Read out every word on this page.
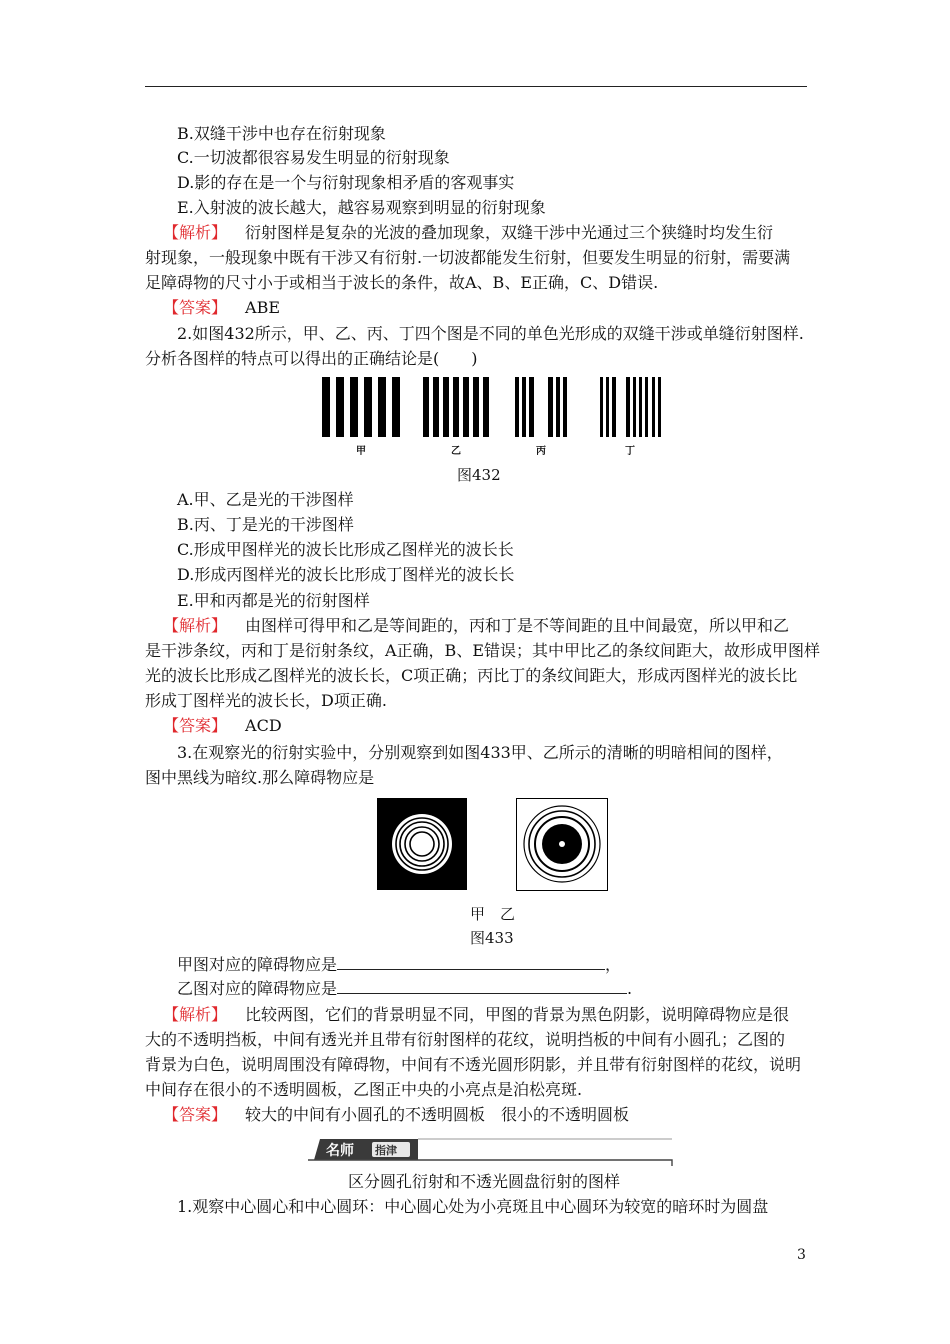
B.双缝干涉中也存在衍射现象
C.一切波都很容易发生明显的衍射现象
D.影的存在是一个与衍射现象相矛盾的客观事实
E.入射波的波长越大，越容易观察到明显的衍射现象
【解析】 衍射图样是复杂的光波的叠加现象，双缝干涉中光通过三个狭缝时均发生衍
射现象，一般现象中既有干涉又有衍射.一切波都能发生衍射，但要发生明显的衍射，需要满
足障碍物的尺寸小于或相当于波长的条件，故A、B、E正确，C、D错误.
【答案】 ABE
2.如图432所示，甲、乙、丙、丁四个图是不同的单色光形成的双缝干涉或单缝衍射图样.
分析各图样的特点可以得出的正确结论是(　　)
甲	乙	丙	丁
图432
A.甲、乙是光的干涉图样
B.丙、丁是光的干涉图样
C.形成甲图样光的波长比形成乙图样光的波长长
D.形成丙图样光的波长比形成丁图样光的波长长
E.甲和丙都是光的衍射图样
【解析】 由图样可得甲和乙是等间距的，丙和丁是不等间距的且中间最宽，所以甲和乙
是干涉条纹，丙和丁是衍射条纹，A正确，B、E错误；其中甲比乙的条纹间距大，故形成甲图样
光的波长比形成乙图样光的波长长，C项正确；丙比丁的条纹间距大，形成丙图样光的波长比
形成丁图样光的波长长，D项正确.
【答案】 ACD
3.在观察光的衍射实验中，分别观察到如图433甲、乙所示的清晰的明暗相间的图样，
图中黑线为暗纹.那么障碍物应是
甲　乙
图433
甲图对应的障碍物应是	，
乙图对应的障碍物应是	.
【解析】 比较两图，它们的背景明显不同，甲图的背景为黑色阴影，说明障碍物应是很
大的不透明挡板，中间有透光并且带有衍射图样的花纹，说明挡板的中间有小圆孔；乙图的
背景为白色，说明周围没有障碍物，中间有不透光圆形阴影，并且带有衍射图样的花纹，说明
中间存在很小的不透明圆板，乙图正中央的小亮点是泊松亮斑.
【答案】 较大的中间有小圆孔的不透明圆板　很小的不透明圆板
名师 指津
区分圆孔衍射和不透光圆盘衍射的图样
1.观察中心圆心和中心圆环：中心圆心处为小亮斑且中心圆环为较宽的暗环时为圆盘
3
